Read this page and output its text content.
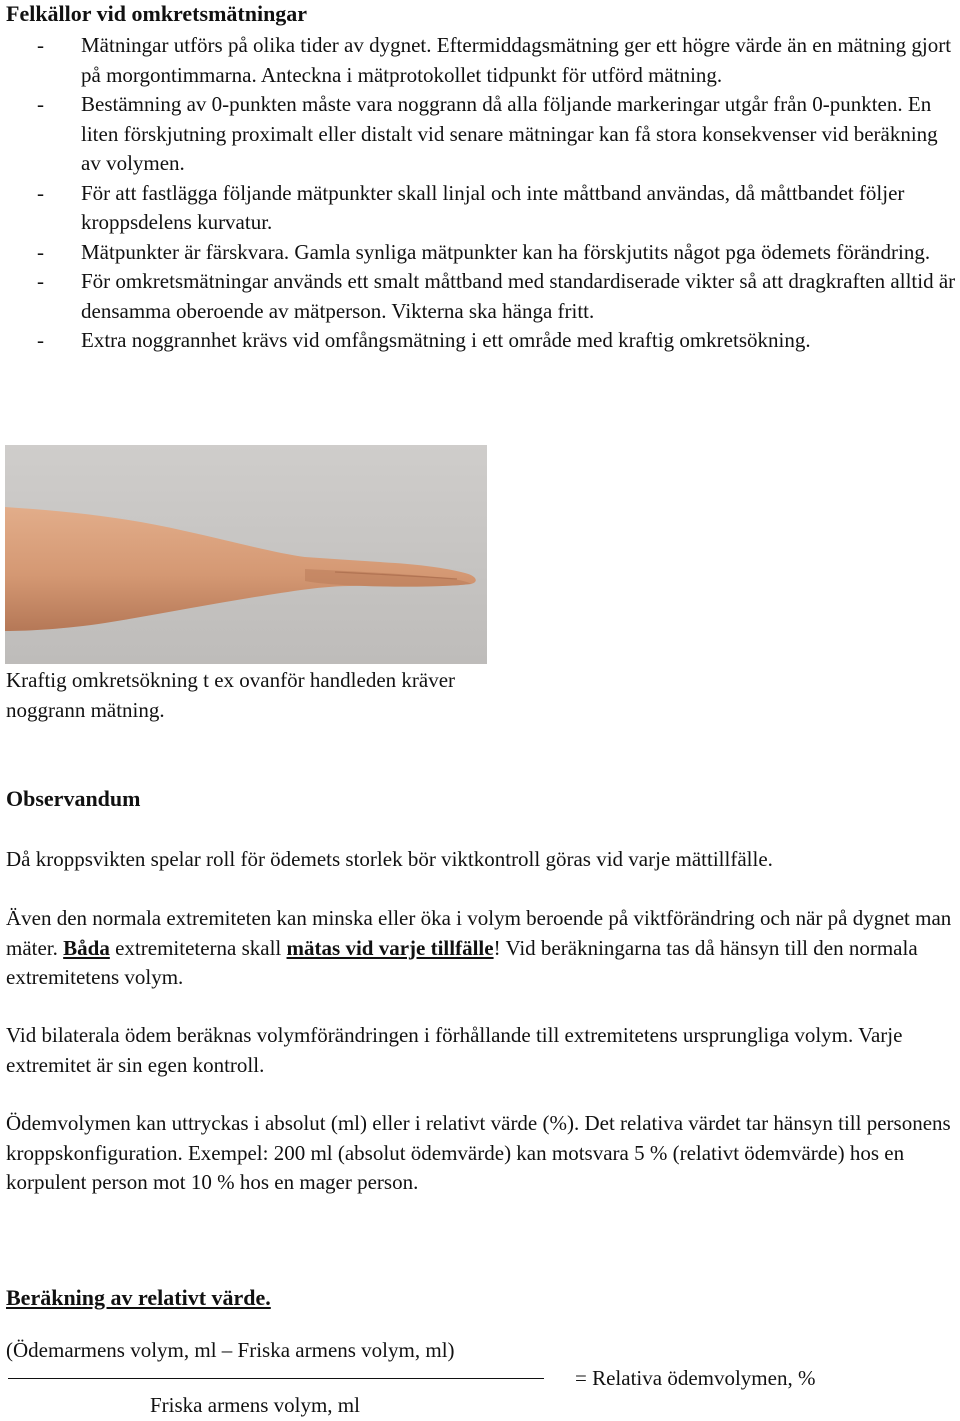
Felkällor vid omkretsmätningar
- Mätningar utförs på olika tider av dygnet. Eftermiddagsmätning ger ett högre värde än en mätning gjort på morgontimmarna. Anteckna i mätprotokollet tidpunkt för utförd mätning.
- Bestämning av 0-punkten måste vara noggrann då alla följande markeringar utgår från 0-punkten. En liten förskjutning proximalt eller distalt vid senare mätningar kan få stora konsekvenser vid beräkning av volymen.
- För att fastlägga följande mätpunkter skall linjal och inte måttband användas, då måttbandet följer kroppsdelens kurvatur.
- Mätpunkter är färskvara. Gamla synliga mätpunkter kan ha förskjutits något pga ödemets förändring.
- För omkretsmätningar används ett smalt måttband med standardiserade vikter så att dragkraften alltid är densamma oberoende av mätperson. Vikterna ska hänga fritt.
- Extra noggrannhet krävs vid omfångsmätning i ett område med kraftig omkretsökning.
Kraftig omkretsökning t ex ovanför handleden kräver noggrann mätning.
Observandum

Då kroppsvikten spelar roll för ödemets storlek bör viktkontroll göras vid varje mättillfälle.

Även den normala extremiteten kan minska eller öka i volym beroende på viktförändring och när på dygnet man mäter. Båda extremiteterna skall mätas vid varje tillfälle! Vid beräkningarna tas då hänsyn till den normala extremitetens volym.

Vid bilaterala ödem beräknas volymförändringen i förhållande till extremitetens ursprungliga volym. Varje extremitet är sin egen kontroll.

Ödemvolymen kan uttryckas i absolut (ml) eller i relativt värde (%). Det relativa värdet tar hänsyn till personens kroppskonfiguration. Exempel: 200 ml (absolut ödemvärde) kan motsvara 5 % (relativt ödemvärde) hos en korpulent person mot 10 % hos en mager person.

Beräkning av relativt värde.
(Ödemarmens volym, ml – Friska armens volym, ml)
Friska armens volym, ml
= Relativa ödemvolymen, %
